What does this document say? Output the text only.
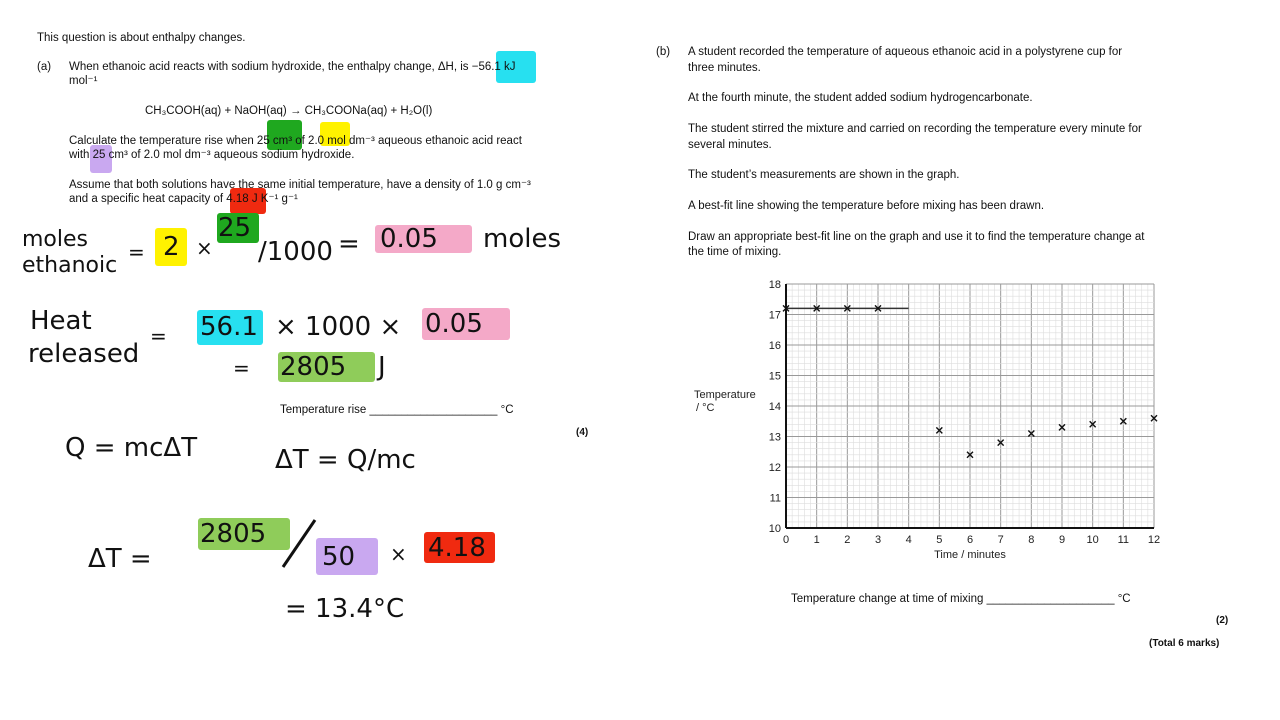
This question is about enthalpy changes.
(a) When ethanoic acid reacts with sodium hydroxide, the enthalpy change, ΔH, is −56.1 kJ
mol⁻¹
CH₃COOH(aq) + NaOH(aq) → CH₃COONa(aq) + H₂O(l)
Calculate the temperature rise when 25 cm³ of 2.0 mol dm⁻³ aqueous ethanoic acid react
with 25 cm³ of 2.0 mol dm⁻³ aqueous sodium hydroxide.
Assume that both solutions have the same initial temperature, have a density of 1.0 g cm⁻³
and a specific heat capacity of 4.18 J K⁻¹ g⁻¹
moles
ethanoic
= 2 ×
25
/1000 = 0.05 moles
Heat
released
= 56.1 × 1000 × 0.05
= 2805 J
Temperature rise ____________________ °C
(4)
Q = mcΔT	ΔT = Q/mc
ΔT =
2805
50 × 4.18
= 13.4°C
(b) A student recorded the temperature of aqueous ethanoic acid in a polystyrene cup for
three minutes.
At the fourth minute, the student added sodium hydrogencarbonate.
The student stirred the mixture and carried on recording the temperature every minute for
several minutes.
The student’s measurements are shown in the graph.
A best-fit line showing the temperature before mixing has been drawn.
Draw an appropriate best-fit line on the graph and use it to find the temperature change at
the time of mixing.
0 1 2 3 4 5 6 7 8 9 10 11 12
10
11
12
13
14
15
16
17
18
Time / minutes
Temperature
/ °C
Temperature change at time of mixing ____________________ °C
(2)
(Total 6 marks)
